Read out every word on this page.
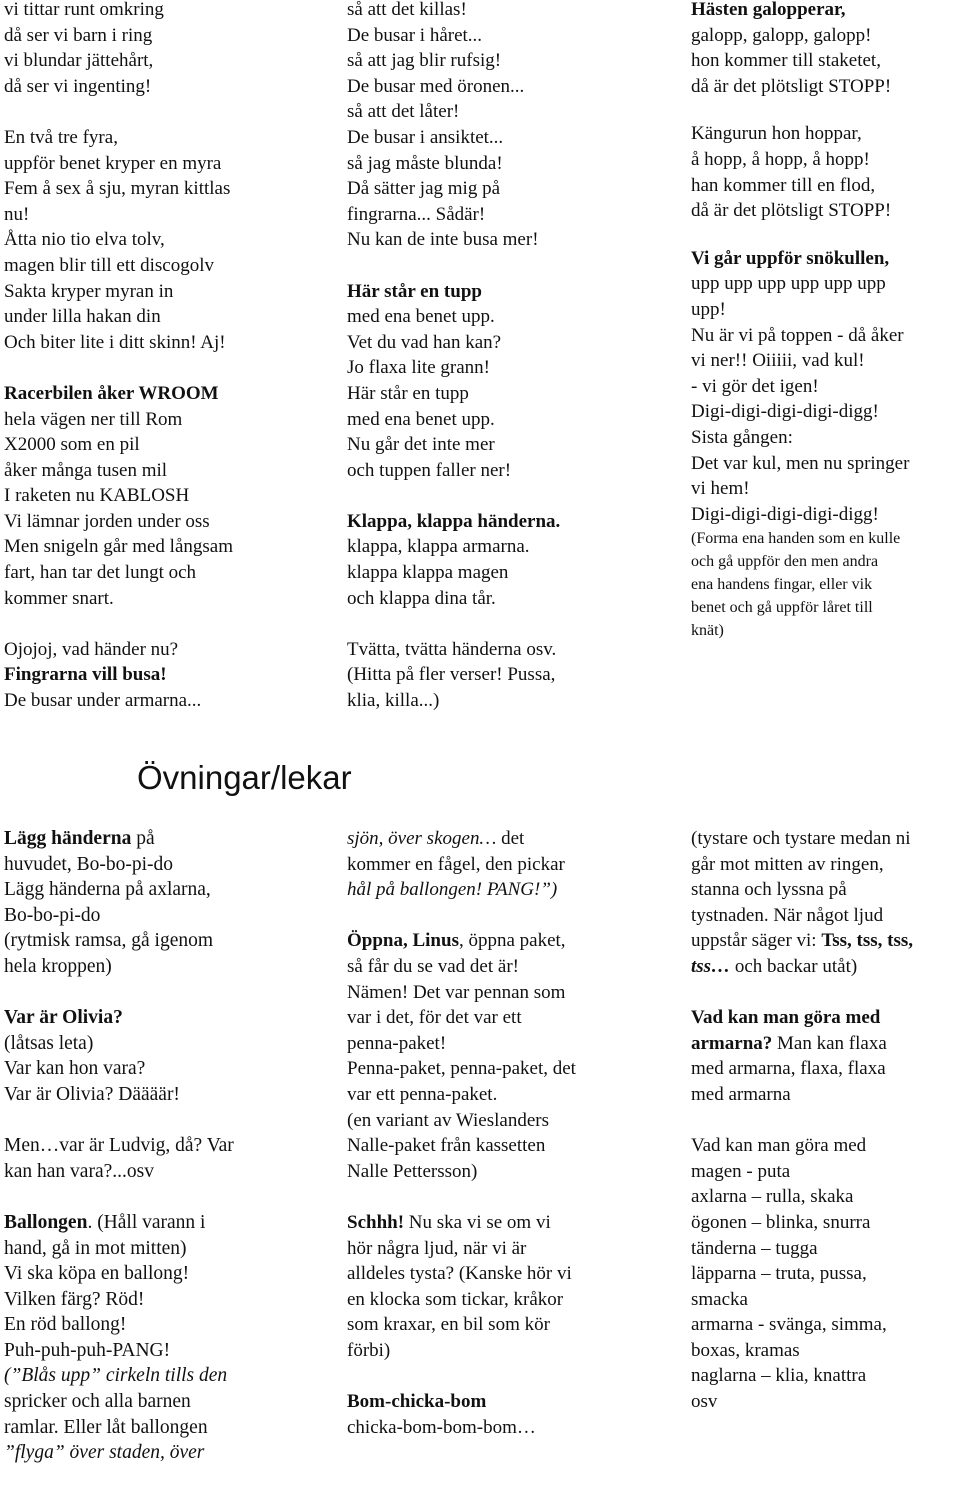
vi tittar runt omkring
då ser vi barn i ring
vi blundar jättehårt,
då ser vi ingenting!

En två tre fyra,
uppför benet kryper en myra
Fem å sex å sju, myran kittlas
nu!
Åtta nio tio elva tolv,
magen blir till ett discogolv
Sakta kryper myran in
under lilla hakan din
Och biter lite i ditt skinn! Aj!

Racerbilen åker WROOM

hela vägen ner till Rom
X2000 som en pil
åker många tusen mil
I raketen nu KABLOSH
Vi lämnar jorden under oss
Men snigeln går med långsam
fart, han tar det lungt och
kommer snart.

Ojojoj, vad händer nu?

Fingrarna vill busa!

De busar under armarna...

så att det killas!
De busar i håret...
så att jag blir rufsig!
De busar med öronen...
så att det låter!
De busar i ansiktet...
så jag måste blunda!
Då sätter jag mig på
fingrarna... Sådär!
Nu kan de inte busa mer!

Här står en tupp

med ena benet upp.
Vet du vad han kan?
Jo flaxa lite grann!
Här står en tupp
med ena benet upp.
Nu går det inte mer
och tuppen faller ner!

Klappa, klappa händerna.

klappa, klappa armarna.
klappa klappa magen
och klappa dina tår.

Tvätta, tvätta händerna osv.
(Hitta på fler verser! Pussa,
klia, killa...)

Hästen galopperar,

galopp, galopp, galopp!
hon kommer till staketet,
då är det plötsligt STOPP!

Kängurun hon hoppar,
å hopp, å hopp, å hopp!
han kommer till en flod,
då är det plötsligt STOPP!

Vi går uppför snökullen,

upp upp upp upp upp upp
upp!
Nu är vi på toppen - då åker
vi ner!! Oiiiii, vad kul!
- vi gör det igen!
Digi-digi-digi-digi-digg!
Sista gången:
Det var kul, men nu springer
vi hem!
Digi-digi-digi-digi-digg!

(Forma ena handen som en kulle
och gå uppför den men andra
ena handens fingar, eller vik
benet och gå uppför låret till
knät)

Övningar/lekar

Lägg händerna på

huvudet, Bo-bo-pi-do
Lägg händerna på axlarna,
Bo-bo-pi-do
(rytmisk ramsa, gå igenom
hela kroppen)

Var är Olivia?

(låtsas leta)
Var kan hon vara?
Var är Olivia? Däääär!

Men…var är Ludvig, då? Var
kan han vara?...osv

Ballongen. (Håll varann i

hand, gå in mot mitten)
Vi ska köpa en ballong!
Vilken färg? Röd!
En röd ballong!
Puh-puh-puh-PANG!

(”Blås upp” cirkeln tills den

spricker och alla barnen
ramlar. Eller låt ballongen

”flyga” över staden, över

sjön, över skogen… det

kommer en fågel, den pickar

hål på ballongen! PANG!”)

Öppna, Linus, öppna paket,

så får du se vad det är!
Nämen! Det var pennan som
var i det, för det var ett
penna-paket!
Penna-paket, penna-paket, det
var ett penna-paket.
(en variant av Wieslanders
Nalle-paket från kassetten
Nalle Pettersson)

Schhh! Nu ska vi se om vi

hör några ljud, när vi är
alldeles tysta? (Kanske hör vi
en klocka som tickar, kråkor
som kraxar, en bil som kör
förbi)

Bom-chicka-bom

chicka-bom-bom-bom…

(tystare och tystare medan ni
går mot mitten av ringen,
stanna och lyssna på
tystnaden. När något ljud
uppstår säger vi: Tss, tss, tss,
tss… och backar utåt)

Vad kan man göra med
armarna? Man kan flaxa
med armarna, flaxa, flaxa
med armarna

Vad kan man göra med
magen - puta
axlarna – rulla, skaka
ögonen – blinka, snurra
tänderna – tugga
läpparna – truta, pussa,
smacka
armarna - svänga, simma,
boxas, kramas
naglarna – klia, knattra
osv
